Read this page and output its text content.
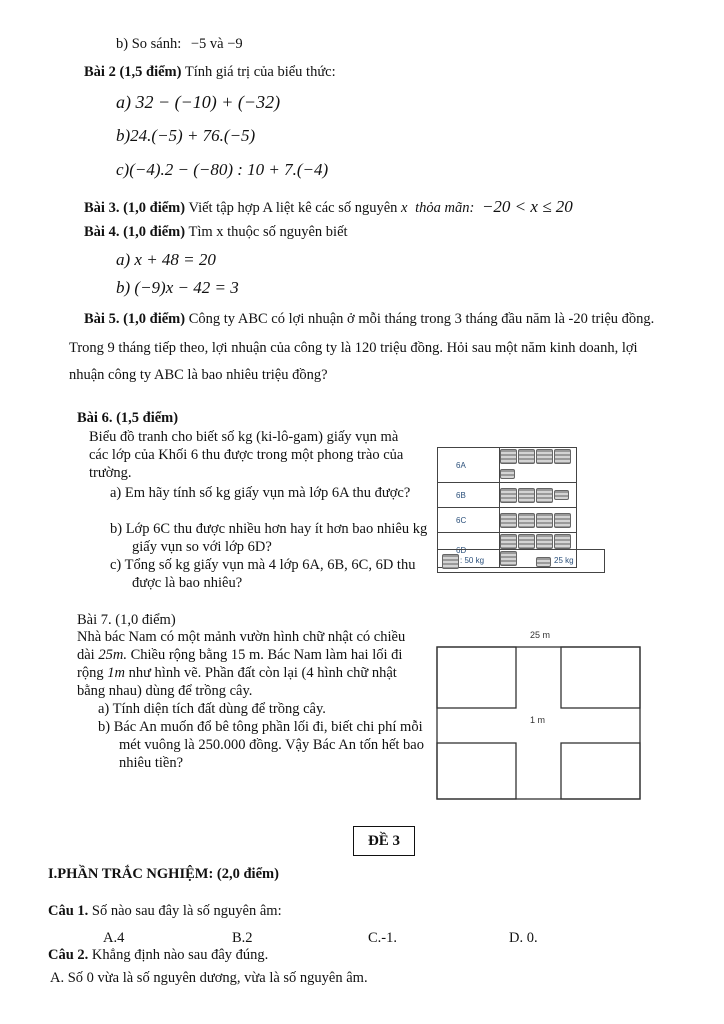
b) So sánh: −5 và −9
Bài 2 (1,5 điểm) Tính giá trị của biểu thức:
a) 32 − (−10) + (−32)
b)24.(−5) + 76.(−5)
c)(−4).2 − (−80) : 10 + 7.(−4)
Bài 3. (1,0 điểm) Viết tập hợp A liệt kê các số nguyên x thỏa mãn: −20 < x ≤ 20
Bài 4. (1,0 điểm) Tìm x thuộc số nguyên biết
a) x + 48 = 20
b) (−9)x − 42 = 3
Bài 5. (1,0 điểm) Công ty ABC có lợi nhuận ở mỗi tháng trong 3 tháng đầu năm là -20 triệu đồng.
Trong 9 tháng tiếp theo, lợi nhuận của công ty là 120 triệu đồng. Hỏi sau một năm kinh doanh, lợi
nhuận công ty ABC là bao nhiêu triệu đồng?
Bài 6. (1,5 điểm)
Biểu đồ tranh cho biết số kg (ki-lô-gam) giấy vụn mà các lớp của Khối 6 thu được trong một phong trào của trường.
a) Em hãy tính số kg giấy vụn mà lớp 6A thu được?
b) Lớp 6C thu được nhiều hơn hay ít hơn bao nhiêu kg giấy vụn so với lớp 6D?
c) Tổng số kg giấy vụn mà 4 lớp 6A, 6B, 6C, 6D thu được là bao nhiêu?
6A	

6B	

6C	

6D	
: 50 kg	25 kg
Bài 7. (1,0 điểm)
Nhà bác Nam có một mảnh vườn hình chữ nhật có chiều dài 25m. Chiều rộng bằng 15 m. Bác Nam làm hai lối đi rộng 1m như hình vẽ. Phần đất còn lại (4 hình chữ nhật bằng nhau) dùng để trồng cây.
a) Tính diện tích đất dùng để trồng cây.
b) Bác An muốn đổ bê tông phần lối đi, biết chi phí mỗi mét vuông là 250.000 đồng. Vậy Bác An tốn hết bao nhiêu tiền?
25 m
1 m
ĐỀ 3
I.PHẦN TRẮC NGHIỆM: (2,0 điểm)
Câu 1. Số nào sau đây là số nguyên âm:
A.4	B.2	C.-1.	D. 0.
Câu 2. Khẳng định nào sau đây đúng.
A. Số 0 vừa là số nguyên dương, vừa là số nguyên âm.
